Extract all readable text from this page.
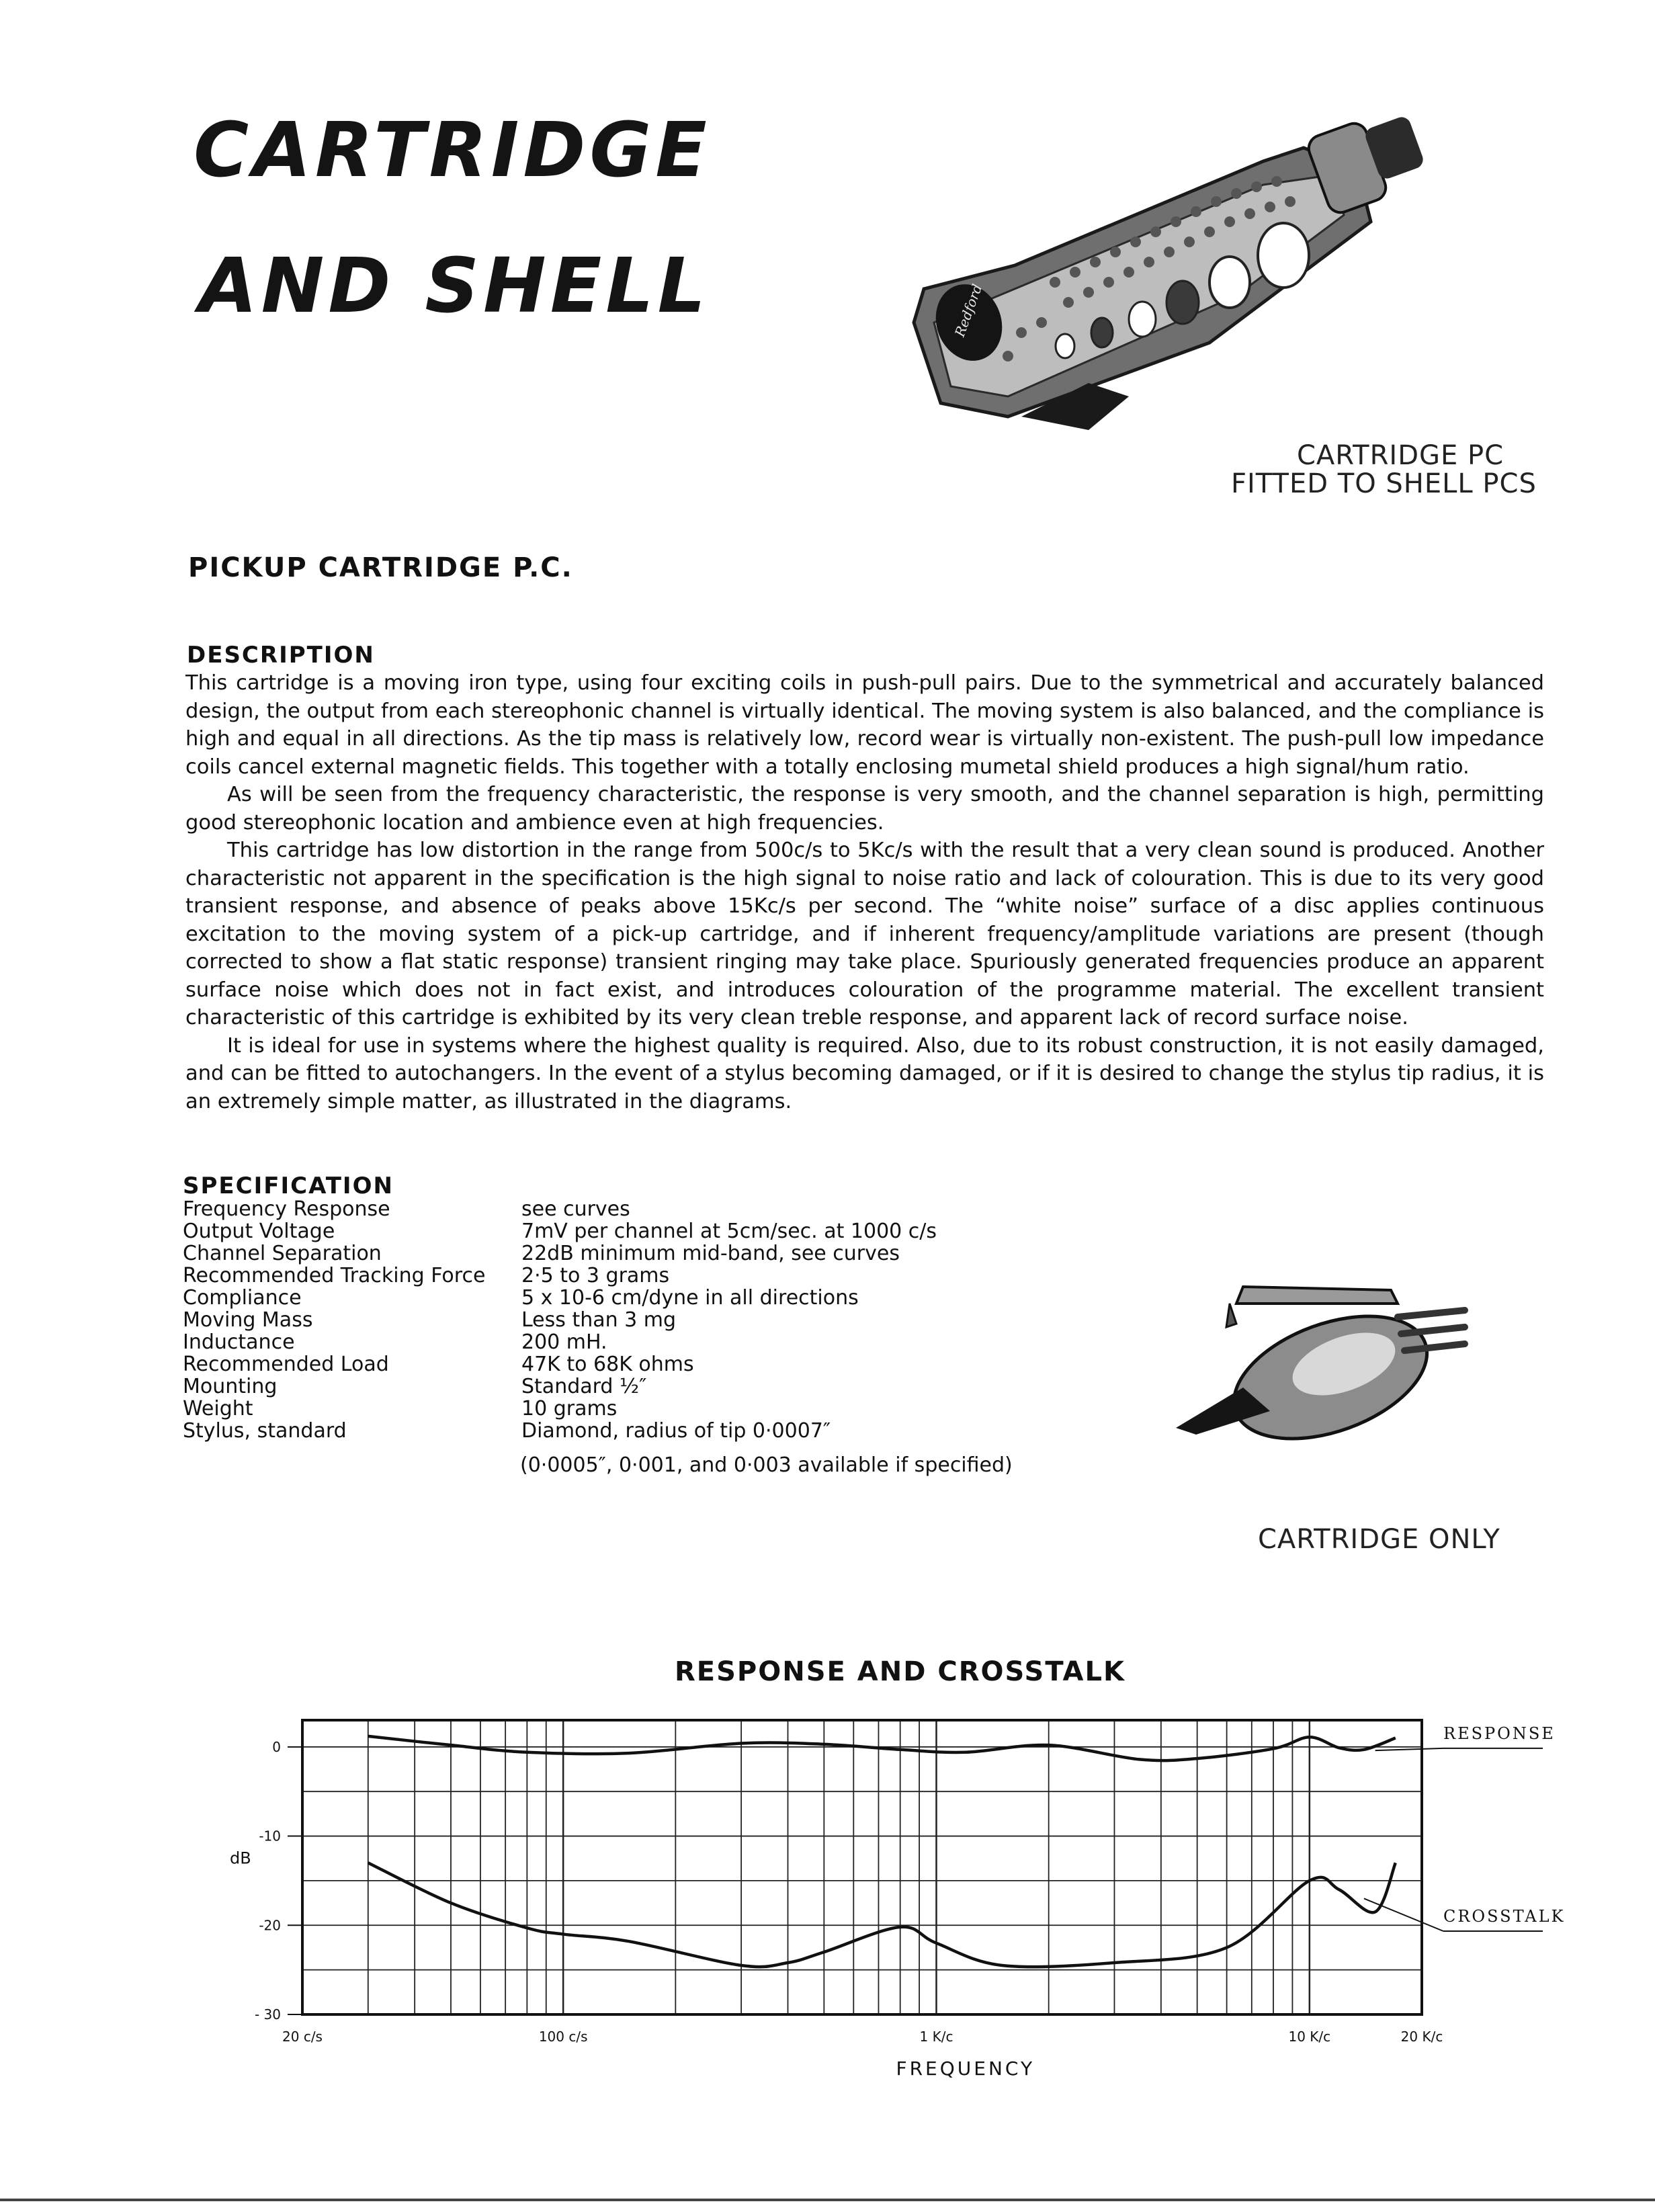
CARTRIDGE
AND SHELL	Redford
CARTRIDGE PC
FITTED TO SHELL PCS
PICKUP CARTRIDGE P.C.
DESCRIPTION

This cartridge is a moving iron type, using four exciting coils in push-pull pairs. Due to the symmetrical and accurately balanced design, the output from each stereophonic channel is virtually identical. The moving system is also balanced, and the compliance is high and equal in all directions. As the tip mass is relatively low, record wear is virtually non-existent. The push-pull low impedance coils cancel external magnetic fields. This together with a totally enclosing mumetal shield produces a high signal/hum ratio.

As will be seen from the frequency characteristic, the response is very smooth, and the channel separation is high, permitting good stereophonic location and ambience even at high frequencies.

This cartridge has low distortion in the range from 500c/s to 5Kc/s with the result that a very clean sound is produced. Another characteristic not apparent in the specification is the high signal to noise ratio and lack of colouration. This is due to its very good transient response, and absence of peaks above 15Kc/s per second. The “white noise” surface of a disc applies continuous excitation to the moving system of a pick-up cartridge, and if inherent frequency/amplitude variations are present (though corrected to show a flat static response) transient ringing may take place. Spuriously generated frequencies produce an apparent surface noise which does not in fact exist, and introduces colouration of the programme material. The excellent transient characteristic of this cartridge is exhibited by its very clean treble response, and apparent lack of record surface noise.

It is ideal for use in systems where the highest quality is required. Also, due to its robust construction, it is not easily damaged, and can be fitted to autochangers. In the event of a stylus becoming damaged, or if it is desired to change the stylus tip radius, it is an extremely simple matter, as illustrated in the diagrams.

SPECIFICATION
Frequency Response	see curves
Output Voltage	7mV per channel at 5cm/sec. at 1000 c/s
Channel Separation	22dB minimum mid-band, see curves
Recommended Tracking Force 2·5 to 3 grams
Compliance	5 x 10-6 cm/dyne in all directions
Moving Mass	Less than 3 mg
Inductance	200 mH.
Recommended Load	47K to 68K ohms
Mounting	Standard ½″
Weight	10 grams
Stylus, standard	Diamond, radius of tip 0·0007″
(0·0005″, 0·001, and 0·003 available if specified)
CARTRIDGE ONLY
RESPONSE AND CROSSTALK
0
-10
-20
- 30
20 c/s	100 c/s	1 K/c	10 K/c	20 K/c
RESPONSE
CROSSTALK
dB
FREQUENCY
